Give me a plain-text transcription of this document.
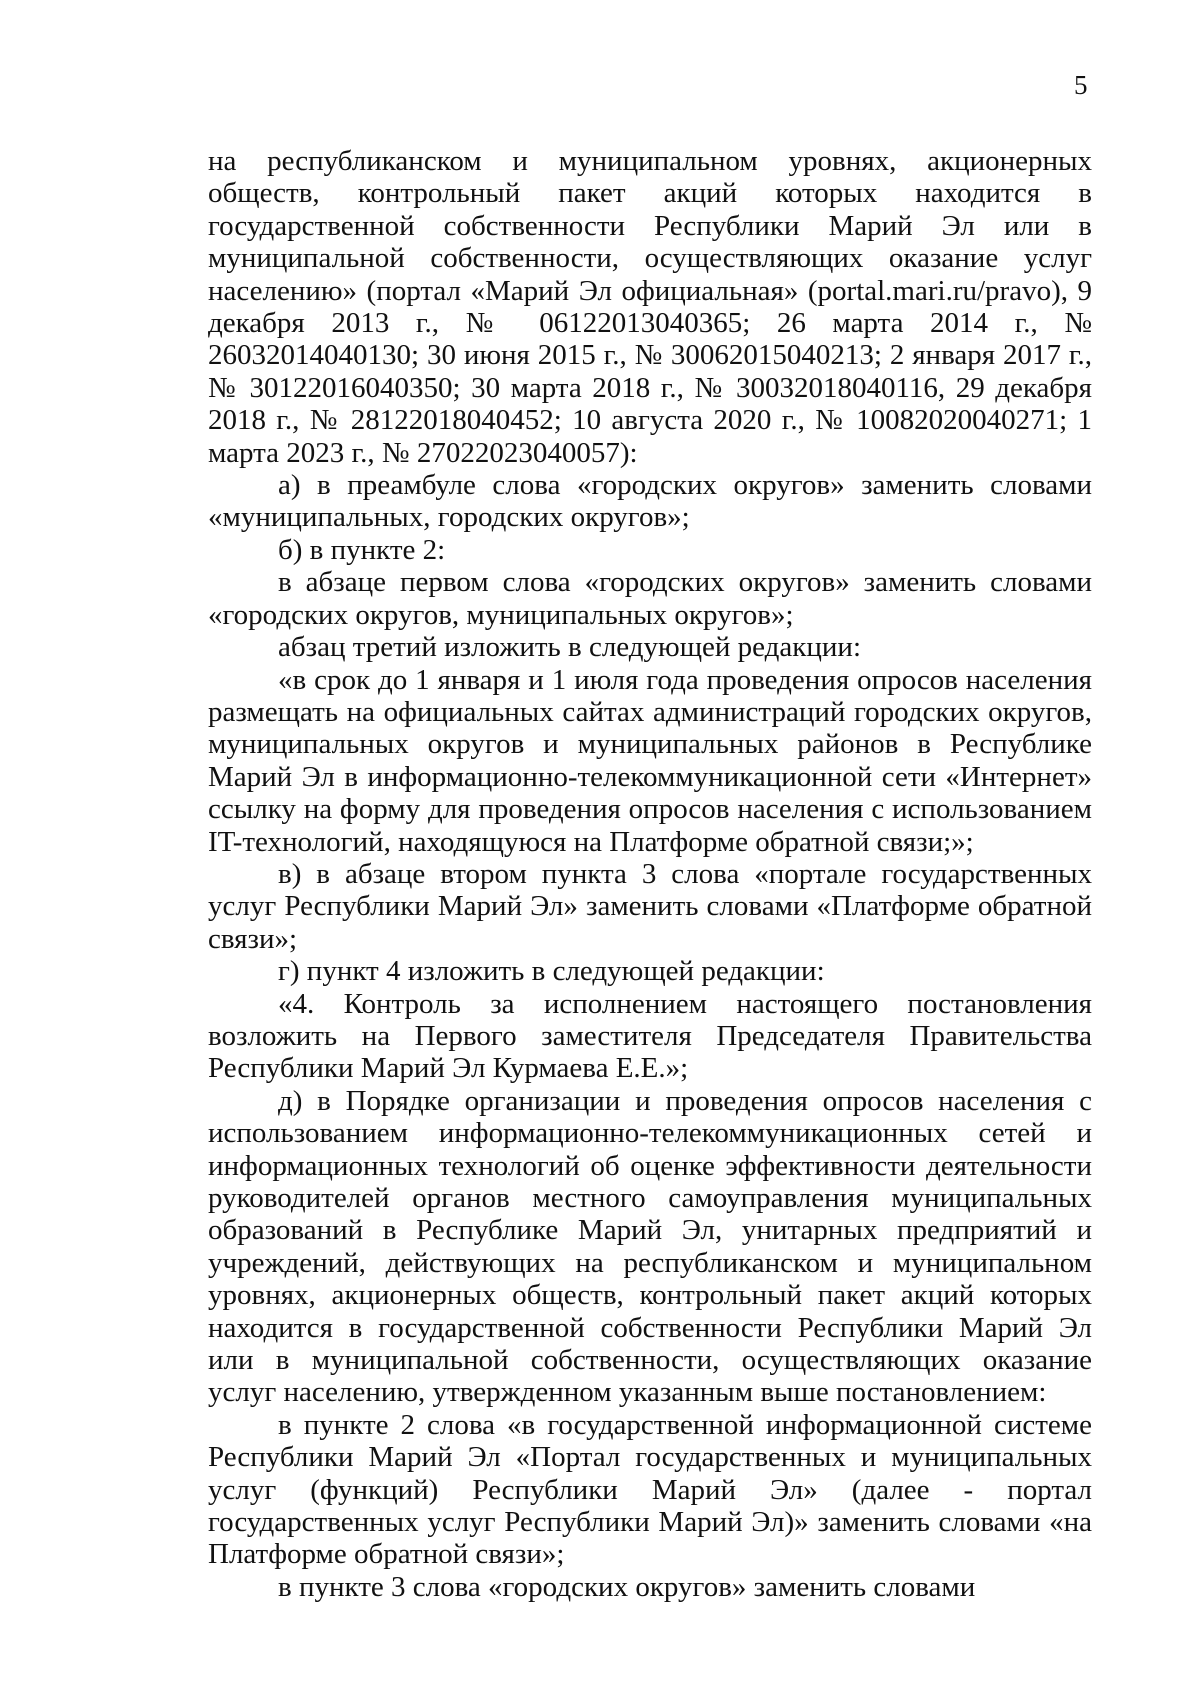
5

на республиканском и муниципальном уровнях, акционерных обществ, контрольный пакет акций которых находится в государственной собственности Республики Марий Эл или в муниципальной собственности, осуществляющих оказание услуг населению» (портал «Марий Эл официальная» (portal.mari.ru/pravo), 9 декабря 2013 г., № 06122013040365; 26 марта 2014 г., № 26032014040130; 30 июня 2015 г., № 30062015040213; 2 января 2017 г., № 30122016040350; 30 марта 2018 г., № 30032018040116, 29 декабря 2018 г., № 28122018040452; 10 августа 2020 г., № 10082020040271; 1 марта 2023 г., № 27022023040057):

а) в преамбуле слова «городских округов» заменить словами «муниципальных, городских округов»;

б) в пункте 2:

в абзаце первом слова «городских округов» заменить словами «городских округов, муниципальных округов»;

абзац третий изложить в следующей редакции:

«в срок до 1 января и 1 июля года проведения опросов населения размещать на официальных сайтах администраций городских округов, муниципальных округов и муниципальных районов в Республике Марий Эл в информационно-телекоммуникационной сети «Интернет» ссылку на форму для проведения опросов населения с использованием IT-технологий, находящуюся на Платформе обратной связи;»;

в) в абзаце втором пункта 3 слова «портале государственных услуг Республики Марий Эл» заменить словами «Платформе обратной связи»;

г) пункт 4 изложить в следующей редакции:

«4. Контроль за исполнением настоящего постановления возложить на Первого заместителя Председателя Правительства Республики Марий Эл Курмаева Е.Е.»;

д) в Порядке организации и проведения опросов населения с использованием информационно-телекоммуникационных сетей и информационных технологий об оценке эффективности деятельности руководителей органов местного самоуправления муниципальных образований в Республике Марий Эл, унитарных предприятий и учреждений, действующих на республиканском и муниципальном уровнях, акционерных обществ, контрольный пакет акций которых находится в государственной собственности Республики Марий Эл или в муниципальной собственности, осуществляющих оказание услуг населению, утвержденном указанным выше постановлением:

в пункте 2 слова «в государственной информационной системе Республики Марий Эл «Портал государственных и муниципальных услуг (функций) Республики Марий Эл» (далее - портал государственных услуг Республики Марий Эл)» заменить словами «на Платформе обратной связи»;

в пункте 3 слова «городских округов» заменить словами
